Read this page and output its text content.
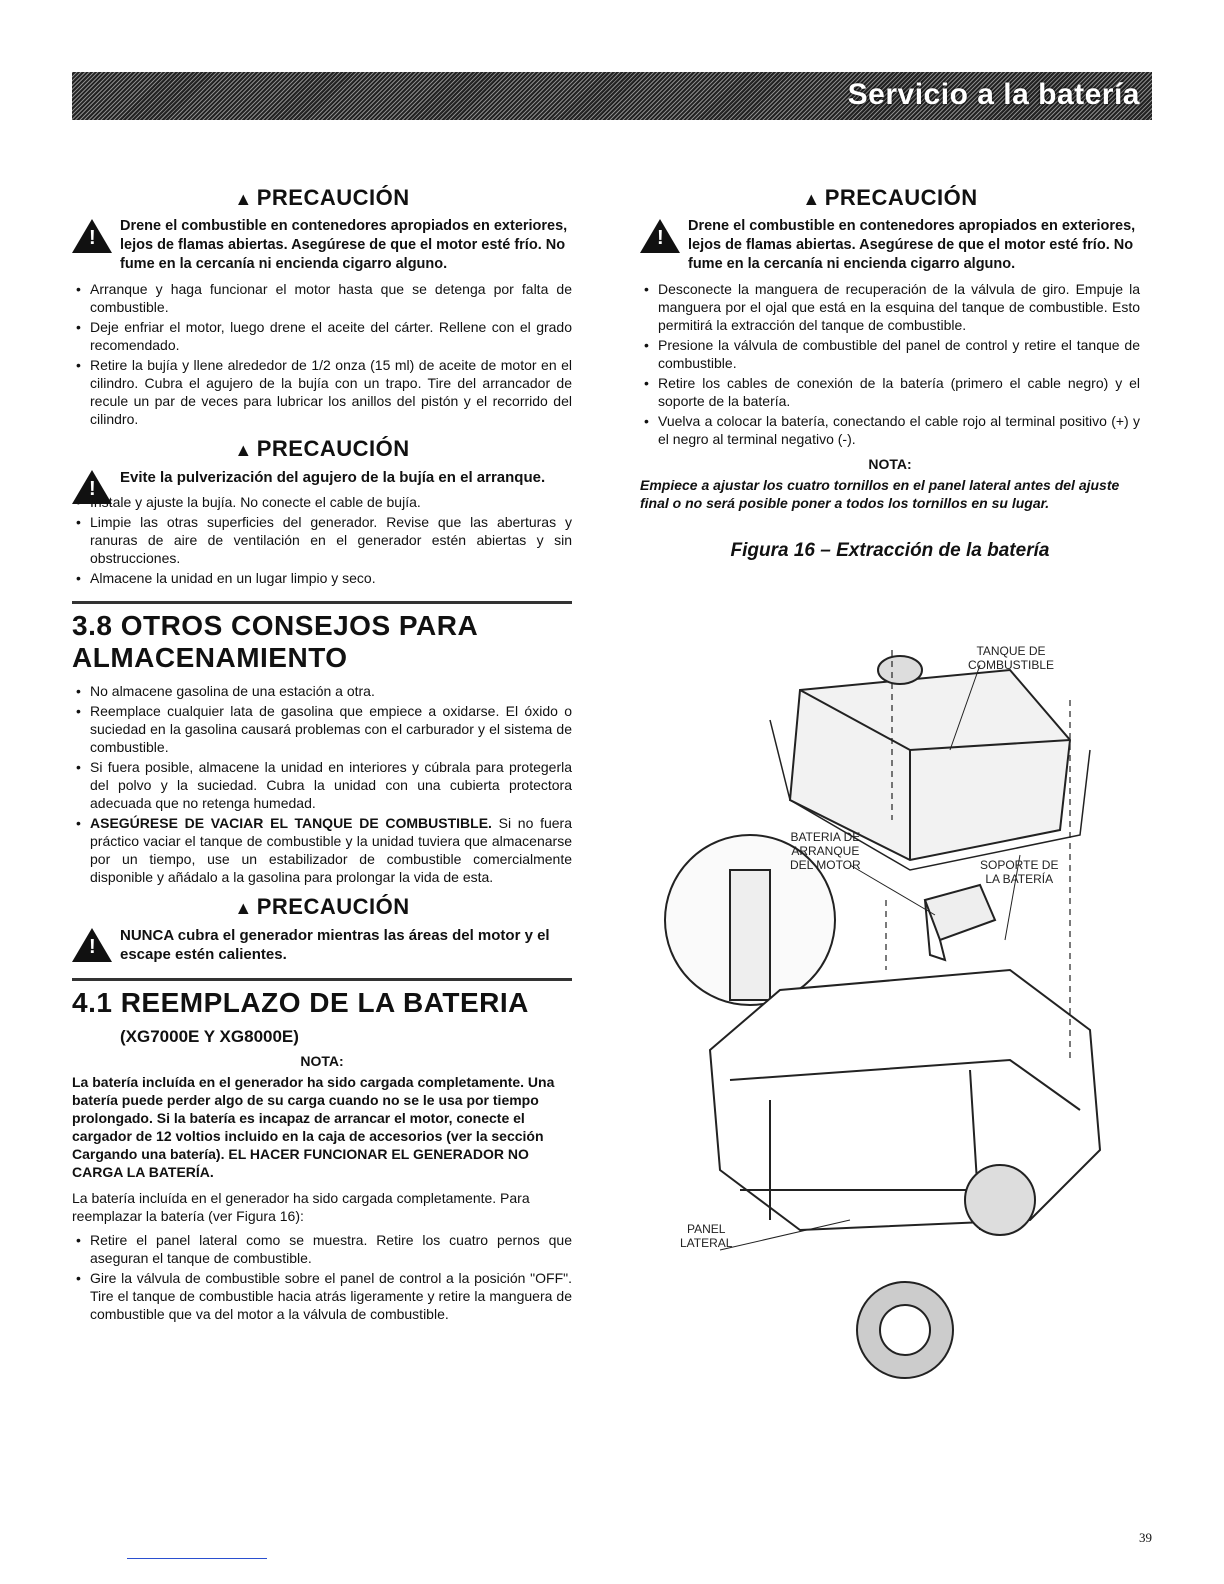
Servicio a la batería
▲ PRECAUCIÓN
!
Drene el combustible en contenedores apropiados en exteriores, lejos de flamas abiertas. Asegúrese de que el motor esté frío. No fume en la cercanía ni encienda cigarro alguno.
• Arranque y haga funcionar el motor hasta que se detenga por falta de combustible.
• Deje enfriar el motor, luego drene el aceite del cárter. Rellene con el grado recomendado.
• Retire la bujía y llene alrededor de 1/2 onza (15 ml) de aceite de motor en el cilindro. Cubra el agujero de la bujía con un trapo. Tire del arrancador de recule un par de veces para lubricar los anillos del pistón y el recorrido del cilindro.
▲ PRECAUCIÓN
!
Evite la pulverización del agujero de la bujía en el arranque.
• Instale y ajuste la bujía. No conecte el cable de bujía.
• Limpie las otras superficies del generador. Revise que las aberturas y ranuras de aire de ventilación en el generador estén abiertas y sin obstrucciones.
• Almacene la unidad en un lugar limpio y seco.
3.8 OTROS CONSEJOS PARA ALMACENAMIENTO
• No almacene gasolina de una estación a otra.
• Reemplace cualquier lata de gasolina que empiece a oxidarse. El óxido o suciedad en la gasolina causará problemas con el carburador y el sistema de combustible.
• Si fuera posible, almacene la unidad en interiores y cúbrala para protegerla del polvo y la suciedad. Cubra la unidad con una cubierta protectora adecuada que no retenga humedad.
• ASEGÚRESE DE VACIAR EL TANQUE DE COMBUSTIBLE. Si no fuera práctico vaciar el tanque de combustible y la unidad tuviera que almacenarse por un tiempo, use un estabilizador de combustible comercialmente disponible y añádalo a la gasolina para prolongar la vida de esta.
▲ PRECAUCIÓN
!
NUNCA cubra el generador mientras las áreas del motor y el escape estén calientes.
4.1 REEMPLAZO DE LA BATERIA
(XG7000E Y XG8000E)
NOTA:
La batería incluída en el generador ha sido cargada completamente. Una batería puede perder algo de su carga cuando no se le usa por tiempo prolongado. Si la batería es incapaz de arrancar el motor, conecte el cargador de 12 voltios incluido en la caja de accesorios (ver la sección Cargando una batería). EL HACER FUNCIONAR EL GENERADOR NO CARGA LA BATERÍA.

La batería incluída en el generador ha sido cargada completamente. Para reemplazar la batería (ver Figura 16):

• Retire el panel lateral como se muestra. Retire los cuatro pernos que aseguran el tanque de combustible.
• Gire la válvula de combustible sobre el panel de control a la posición "OFF". Tire el tanque de combustible hacia atrás ligeramente y retire la manguera de combustible que va del motor a la válvula de combustible.
▲ PRECAUCIÓN
!
Drene el combustible en contenedores apropiados en exteriores, lejos de flamas abiertas. Asegúrese de que el motor esté frío. No fume en la cercanía ni encienda cigarro alguno.
• Desconecte la manguera de recuperación de la válvula de giro. Empuje la manguera por el ojal que está en la esquina del tanque de combustible. Esto permitirá la extracción del tanque de combustible.
• Presione la válvula de combustible del panel de control y retire el tanque de combustible.
• Retire los cables de conexión de la batería (primero el cable negro) y el soporte de la batería.
• Vuelva a colocar la batería, conectando el cable rojo al terminal positivo (+) y el negro al terminal negativo (-).
NOTA:
Empiece a ajustar los cuatro tornillos en el panel lateral antes del ajuste final o no será posible poner a todos los tornillos en su lugar.
Figura 16 – Extracción de la batería
TANQUE DE
COMBUSTIBLE
BATERIA DE
ARRANQUE
DEL MOTOR	SOPORTE DE
LA BATERÍA
PANEL
LATERAL
39
